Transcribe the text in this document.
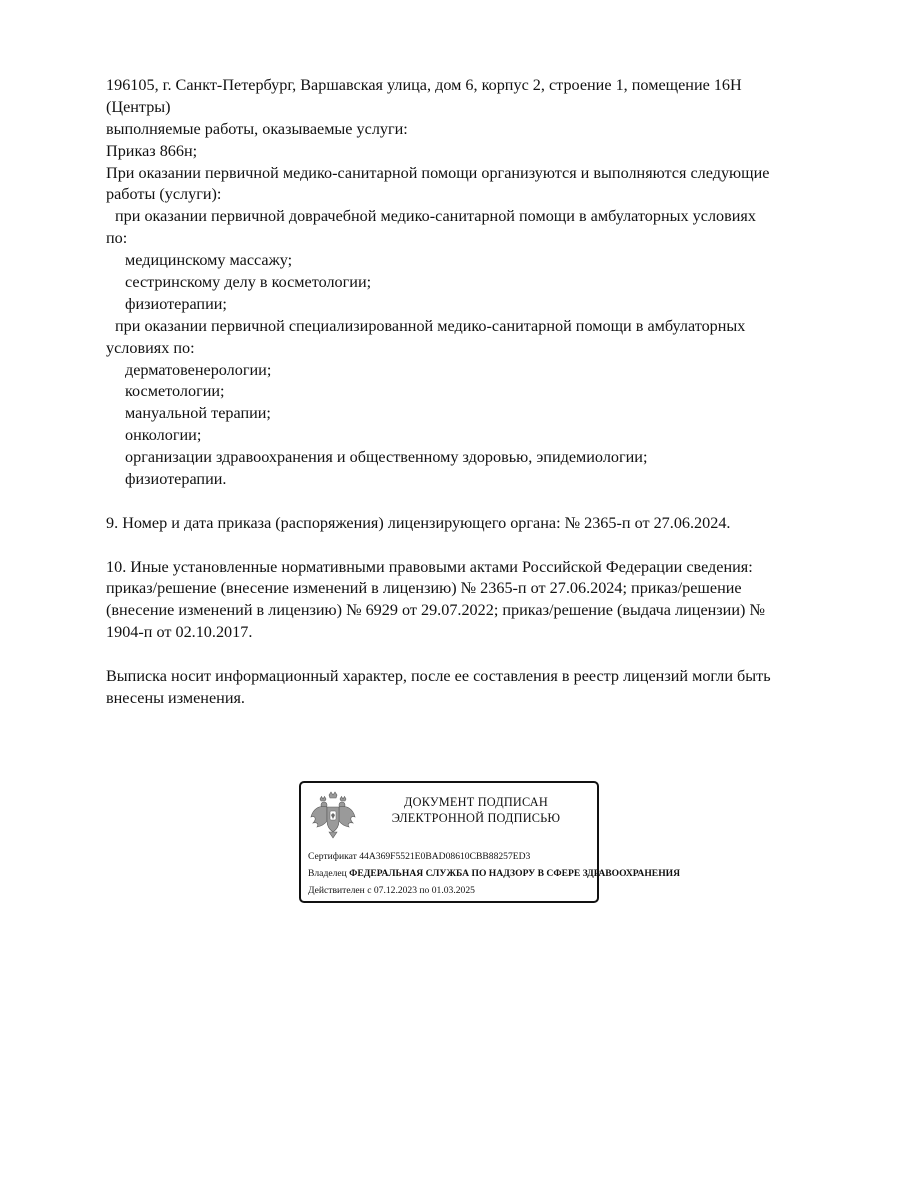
196105, г. Санкт-Петербург, Варшавская улица, дом 6, корпус 2, строение 1, помещение 16Н
(Центры)
выполняемые работы, оказываемые услуги:
Приказ 866н;
При оказании первичной медико-санитарной помощи организуются и выполняются следующие
работы (услуги):
при оказании первичной доврачебной медико-санитарной помощи в амбулаторных условиях
по:
медицинскому массажу;
сестринскому делу в косметологии;
физиотерапии;
при оказании первичной специализированной медико-санитарной помощи в амбулаторных
условиях по:
дерматовенерологии;
косметологии;
мануальной терапии;
онкологии;
организации здравоохранения и общественному здоровью, эпидемиологии;
физиотерапии.
9. Номер и дата приказа (распоряжения) лицензирующего органа: № 2365-п от 27.06.2024.
10. Иные установленные нормативными правовыми актами Российской Федерации сведения:
приказ/решение (внесение изменений в лицензию) № 2365-п от 27.06.2024; приказ/решение
(внесение изменений в лицензию) № 6929 от 29.07.2022; приказ/решение (выдача лицензии) №
1904-п от 02.10.2017.
Выписка носит информационный характер, после ее составления в реестр лицензий могли быть
внесены изменения.
ДОКУМЕНТ ПОДПИСАН
ЭЛЕКТРОННОЙ ПОДПИСЬЮ
Сертификат 44A369F5521E0BAD08610CBB88257ED3
Владелец ФЕДЕРАЛЬНАЯ СЛУЖБА ПО НАДЗОРУ В СФЕРЕ ЗДРАВООХРАНЕНИЯ
Действителен с 07.12.2023 по 01.03.2025
